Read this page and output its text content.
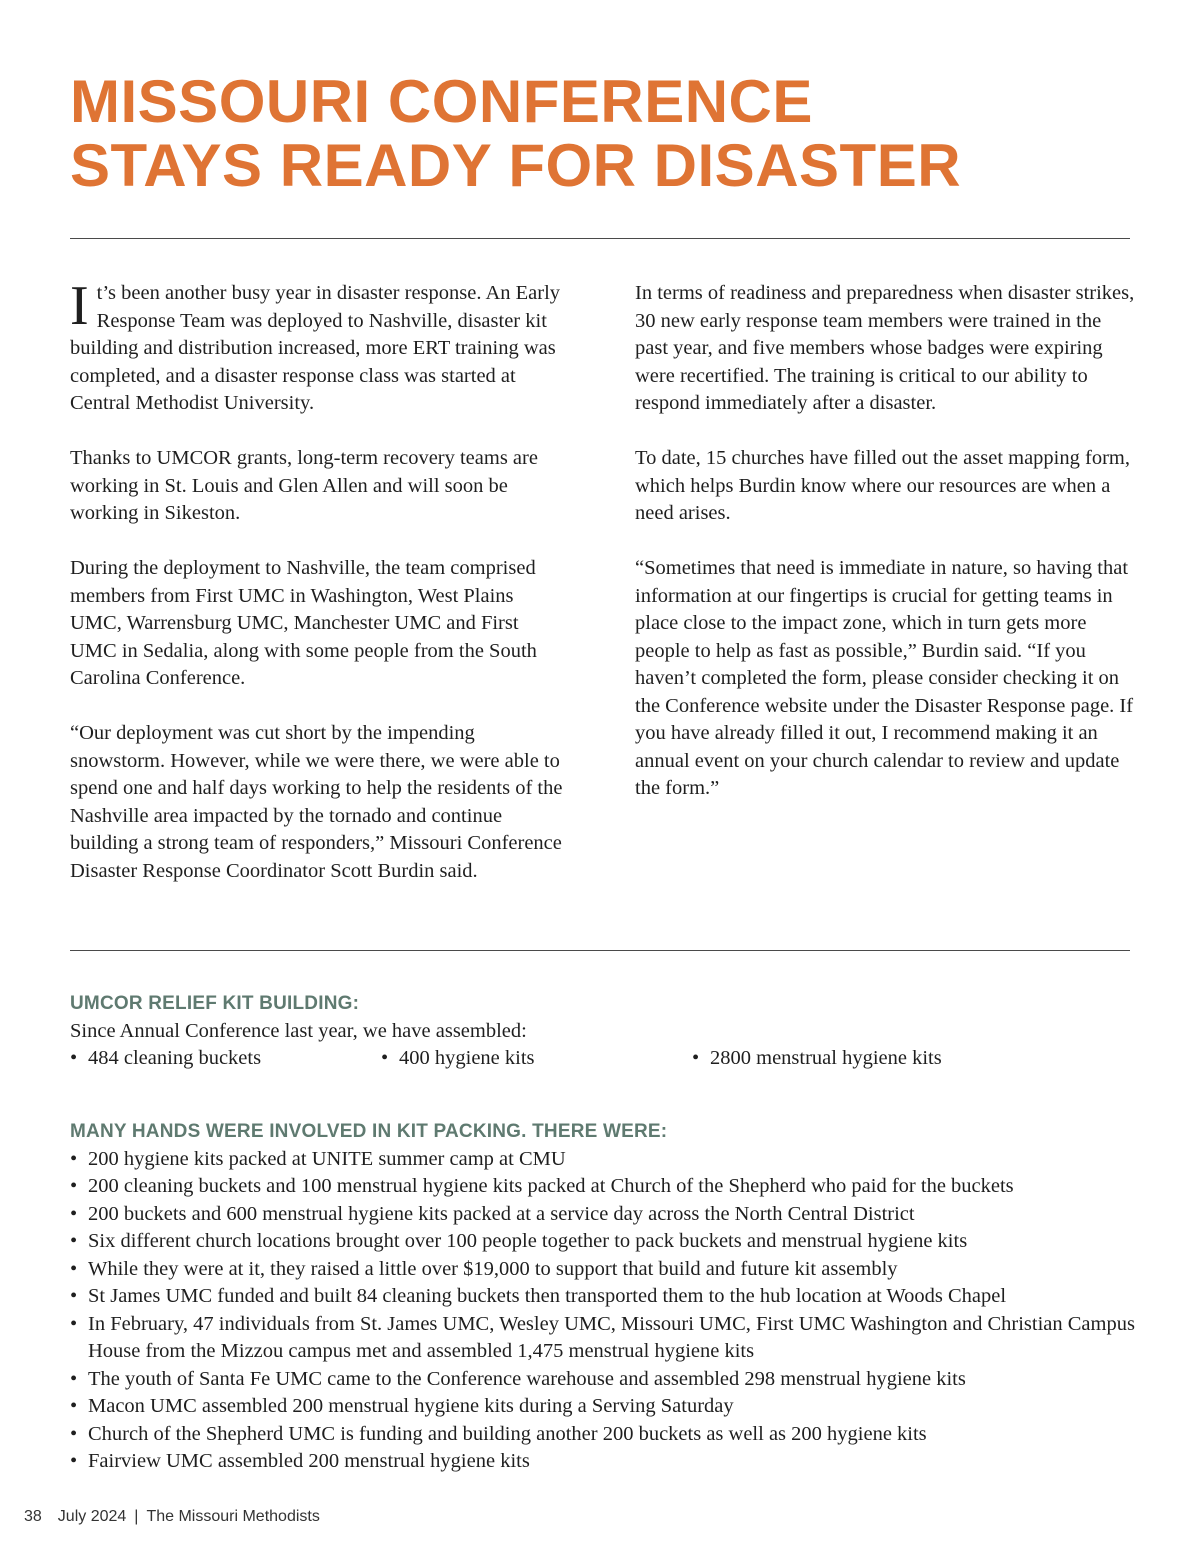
MISSOURI CONFERENCE
STAYS READY FOR DISASTER

It’s been another busy year in disaster response. An Early Response Team was deployed to Nashville, disaster kit building and distribution increased, more ERT training was completed, and a disaster response class was started at Central Methodist University.

Thanks to UMCOR grants, long-term recovery teams are working in St. Louis and Glen Allen and will soon be working in Sikeston.

During the deployment to Nashville, the team comprised members from First UMC in Washington, West Plains UMC, Warrensburg UMC, Manchester UMC and First UMC in Sedalia, along with some people from the South Carolina Conference.

“Our deployment was cut short by the impending snowstorm. However, while we were there, we were able to spend one and half days working to help the residents of the Nashville area impacted by the tornado and continue building a strong team of responders,” Missouri Conference Disaster Response Coordinator Scott Burdin said.

In terms of readiness and preparedness when disaster strikes, 30 new early response team members were trained in the past year, and five members whose badges were expiring were recertified. The training is critical to our ability to respond immediately after a disaster.

To date, 15 churches have filled out the asset mapping form, which helps Burdin know where our resources are when a need arises.

“Sometimes that need is immediate in nature, so having that information at our fingertips is crucial for getting teams in place close to the impact zone, which in turn gets more people to help as fast as possible,” Burdin said. “If you haven’t completed the form, please consider checking it on the Conference website under the Disaster Response page. If you have already filled it out, I recommend making it an annual event on your church calendar to review and update the form.”

UMCOR RELIEF KIT BUILDING:

Since Annual Conference last year, we have assembled:

• 484 cleaning buckets	• 400 hygiene kits	• 2800 menstrual hygiene kits
MANY HANDS WERE INVOLVED IN KIT PACKING. THERE WERE:
• 200 hygiene kits packed at UNITE summer camp at CMU
• 200 cleaning buckets and 100 menstrual hygiene kits packed at Church of the Shepherd who paid for the buckets
• 200 buckets and 600 menstrual hygiene kits packed at a service day across the North Central District
• Six different church locations brought over 100 people together to pack buckets and menstrual hygiene kits
• While they were at it, they raised a little over $19,000 to support that build and future kit assembly
• St James UMC funded and built 84 cleaning buckets then transported them to the hub location at Woods Chapel
• In February, 47 individuals from St. James UMC, Wesley UMC, Missouri UMC, First UMC Washington and Christian Campus House from the Mizzou campus met and assembled 1,475 menstrual hygiene kits
• The youth of Santa Fe UMC came to the Conference warehouse and assembled 298 menstrual hygiene kits
• Macon UMC assembled 200 menstrual hygiene kits during a Serving Saturday
• Church of the Shepherd UMC is funding and building another 200 buckets as well as 200 hygiene kits
• Fairview UMC assembled 200 menstrual hygiene kits
38 July 2024 | The Missouri Methodists
